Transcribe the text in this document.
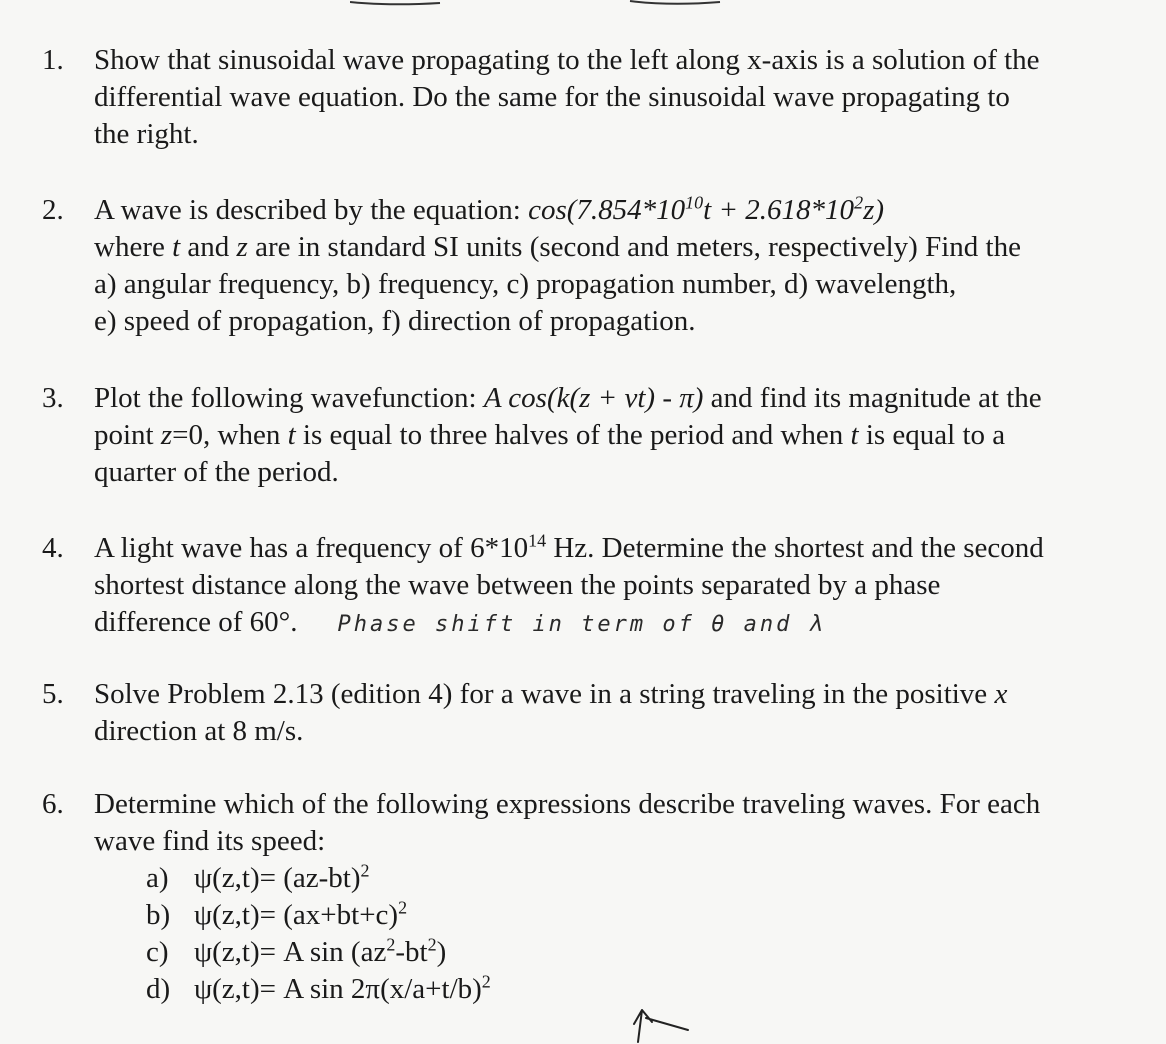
1.	Show that sinusoidal wave propagating to the left along x-axis is a solution of the
differential wave equation. Do the same for the sinusoidal wave propagating to
the right.
2.	A wave is described by the equation: $\cos(7.854*10^{10}t + 2.618*10^2z)$
where t and z are in standard SI units (second and meters, respectively) Find the
a) angular frequency, b) frequency, c) propagation number, d) wavelength,
e) speed of propagation, f) direction of propagation.
3.	Plot the following wavefunction: A cos(k(z + vt) - π) and find its magnitude at the
point z=0, when t is equal to three halves of the period and when t is equal to a
quarter of the period.
4.	A light wave has a frequency of $6*10^{14}$ Hz. Determine the shortest and the second
shortest distance along the wave between the points separated by a phase
difference of 60°. Phase shift in term of θ and λ
5.	Solve Problem 2.13 (edition 4) for a wave in a string traveling in the positive x
direction at 8 m/s.
6.	Determine which of the following expressions describe traveling waves. For each
wave find its speed:
a) $\psi(z,t)= (az-bt)^2$
b) $\psi(z,t)= (ax+bt+c)^2$
c) ψ(z,t)= A $\sin (az^2-bt^2)$
d) ψ(z,t)= A $\sin 2\pi(x/a+t/b)^2$
